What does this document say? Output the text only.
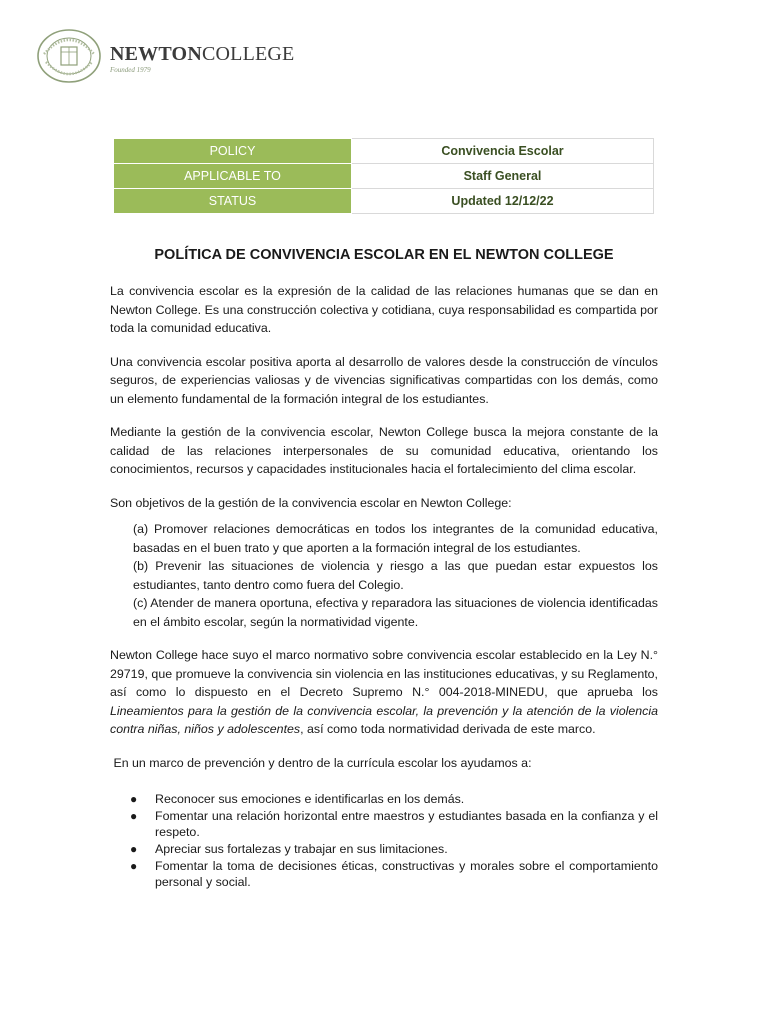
NEWTONCOLLEGE
Founded 1979
POLICY	Convivencia Escolar
APPLICABLE TO	Staff General
STATUS	Updated 12/12/22
POLÍTICA DE CONVIVENCIA ESCOLAR EN EL NEWTON COLLEGE

La convivencia escolar es la expresión de la calidad de las relaciones humanas que se dan en Newton College. Es una construcción colectiva y cotidiana, cuya responsabilidad es compartida por toda la comunidad educativa.

Una convivencia escolar positiva aporta al desarrollo de valores desde la construcción de vínculos seguros, de experiencias valiosas y de vivencias significativas compartidas con los demás, como un elemento fundamental de la formación integral de los estudiantes.

Mediante la gestión de la convivencia escolar, Newton College busca la mejora constante de la calidad de las relaciones interpersonales de su comunidad educativa, orientando los conocimientos, recursos y capacidades institucionales hacia el fortalecimiento del clima escolar.

Son objetivos de la gestión de la convivencia escolar en Newton College:

(a) Promover relaciones democráticas en todos los integrantes de la comunidad educativa, basadas en el buen trato y que aporten a la formación integral de los estudiantes.

(b) Prevenir las situaciones de violencia y riesgo a las que puedan estar expuestos los estudiantes, tanto dentro como fuera del Colegio.

(c) Atender de manera oportuna, efectiva y reparadora las situaciones de violencia identificadas en el ámbito escolar, según la normatividad vigente.

Newton College hace suyo el marco normativo sobre convivencia escolar establecido en la Ley N.° 29719, que promueve la convivencia sin violencia en las instituciones educativas, y su Reglamento, así como lo dispuesto en el Decreto Supremo N.° 004-2018-MINEDU, que aprueba los Lineamientos para la gestión de la convivencia escolar, la prevención y la atención de la violencia contra niñas, niños y adolescentes, así como toda normatividad derivada de este marco.

En un marco de prevención y dentro de la currícula escolar los ayudamos a:

● Reconocer sus emociones e identificarlas en los demás.
● Fomentar una relación horizontal entre maestros y estudiantes basada en la confianza y el respeto.
● Apreciar sus fortalezas y trabajar en sus limitaciones.
● Fomentar la toma de decisiones éticas, constructivas y morales sobre el comportamiento personal y social.
